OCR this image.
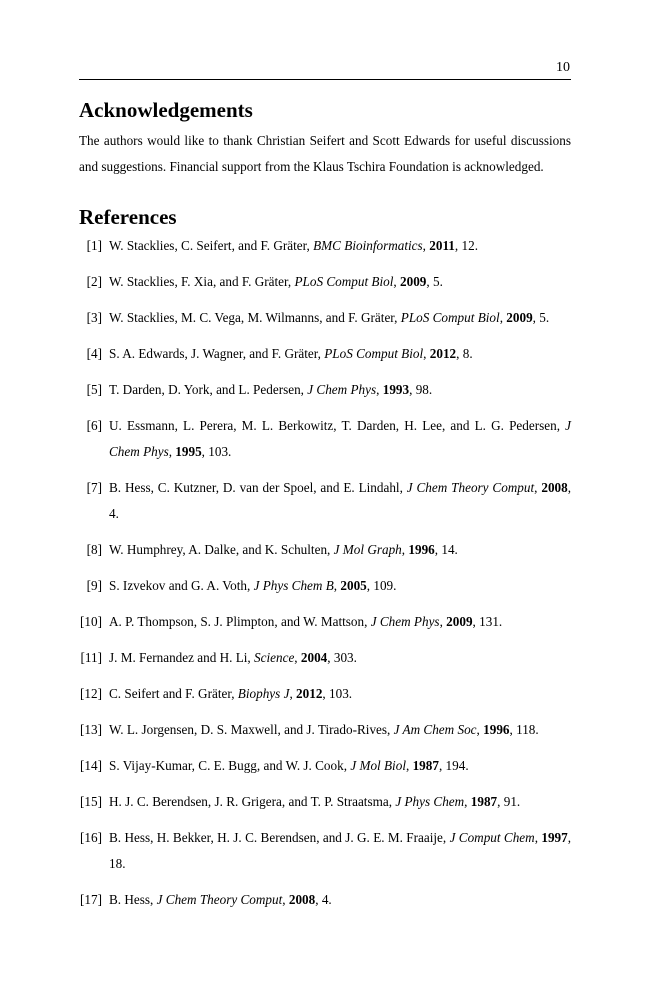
10
Acknowledgements

The authors would like to thank Christian Seifert and Scott Edwards for useful discussions and suggestions. Financial support from the Klaus Tschira Foundation is acknowledged.

References
[1] W. Stacklies, C. Seifert, and F. Gräter, BMC Bioinformatics, 2011, 12.
[2] W. Stacklies, F. Xia, and F. Gräter, PLoS Comput Biol, 2009, 5.
[3] W. Stacklies, M. C. Vega, M. Wilmanns, and F. Gräter, PLoS Comput Biol, 2009, 5.
[4] S. A. Edwards, J. Wagner, and F. Gräter, PLoS Comput Biol, 2012, 8.
[5] T. Darden, D. York, and L. Pedersen, J Chem Phys, 1993, 98.
[6] U. Essmann, L. Perera, M. L. Berkowitz, T. Darden, H. Lee, and L. G. Pedersen, J Chem Phys, 1995, 103.
[7] B. Hess, C. Kutzner, D. van der Spoel, and E. Lindahl, J Chem Theory Comput, 2008, 4.
[8] W. Humphrey, A. Dalke, and K. Schulten, J Mol Graph, 1996, 14.
[9] S. Izvekov and G. A. Voth, J Phys Chem B, 2005, 109.
[10] A. P. Thompson, S. J. Plimpton, and W. Mattson, J Chem Phys, 2009, 131.
[11] J. M. Fernandez and H. Li, Science, 2004, 303.
[12] C. Seifert and F. Gräter, Biophys J, 2012, 103.
[13] W. L. Jorgensen, D. S. Maxwell, and J. Tirado-Rives, J Am Chem Soc, 1996, 118.
[14] S. Vijay-Kumar, C. E. Bugg, and W. J. Cook, J Mol Biol, 1987, 194.
[15] H. J. C. Berendsen, J. R. Grigera, and T. P. Straatsma, J Phys Chem, 1987, 91.
[16] B. Hess, H. Bekker, H. J. C. Berendsen, and J. G. E. M. Fraaije, J Comput Chem, 1997, 18.
[17] B. Hess, J Chem Theory Comput, 2008, 4.
